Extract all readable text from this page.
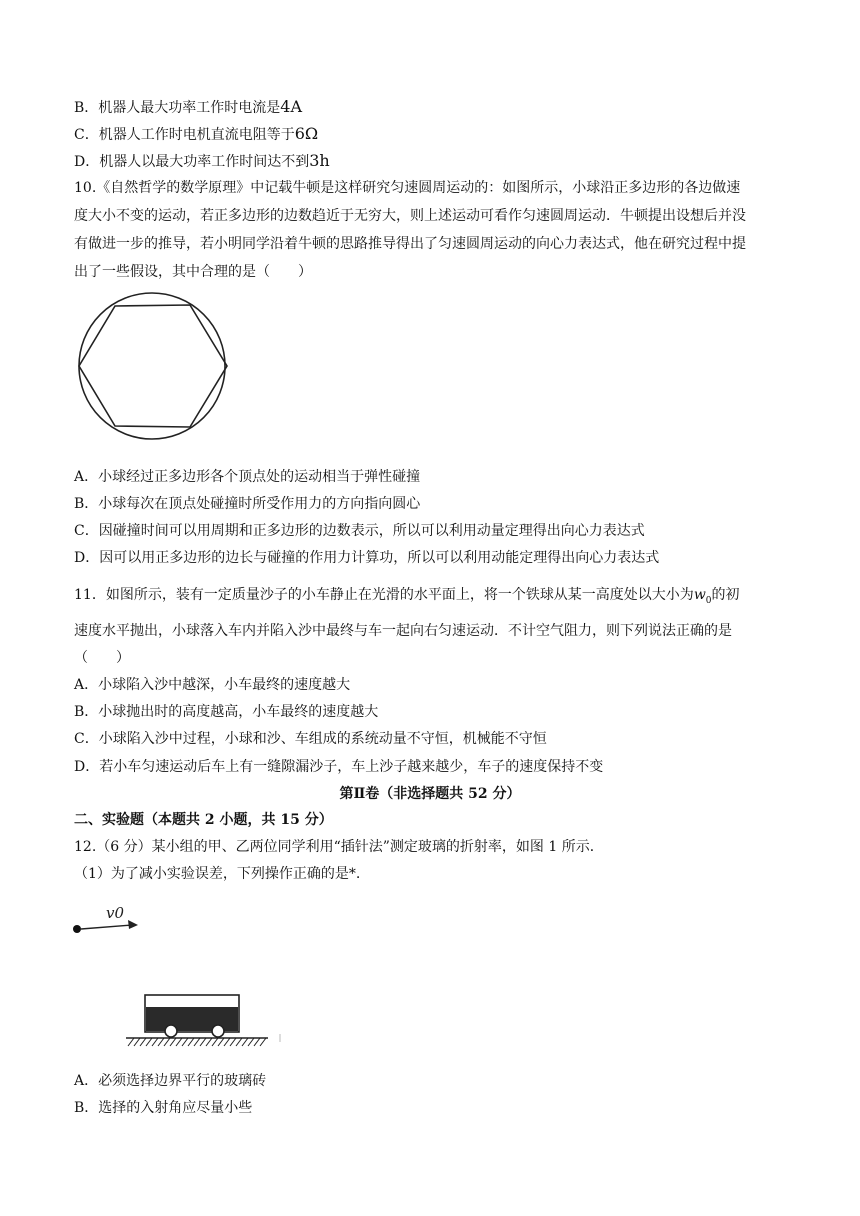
B．机器人最大功率工作时电流是4A
C．机器人工作时电机直流电阻等于6Ω
D．机器人以最大功率工作时间达不到3h
10.《自然哲学的数学原理》中记载牛顿是这样研究匀速圆周运动的：如图所示，小球沿正多边形的各边做速
度大小不变的运动，若正多边形的边数趋近于无穷大，则上述运动可看作匀速圆周运动．牛顿提出设想后并没
有做进一步的推导，若小明同学沿着牛顿的思路推导得出了匀速圆周运动的向心力表达式，他在研究过程中提
出了一些假设，其中合理的是（　　）
A．小球经过正多边形各个顶点处的运动相当于弹性碰撞
B．小球每次在顶点处碰撞时所受作用力的方向指向圆心
C．因碰撞时间可以用周期和正多边形的边数表示，所以可以利用动量定理得出向心力表达式
D．因可以用正多边形的边长与碰撞的作用力计算功，所以可以利用动能定理得出向心力表达式
11．如图所示，装有一定质量沙子的小车静止在光滑的水平面上，将一个铁球从某一高度处以大小为$w_0$的初
速度水平抛出，小球落入车内并陷入沙中最终与车一起向右匀速运动．不计空气阻力，则下列说法正确的是
（　　）
A．小球陷入沙中越深，小车最终的速度越大
B．小球抛出时的高度越高，小车最终的速度越大
C．小球陷入沙中过程，小球和沙、车组成的系统动量不守恒，机械能不守恒
D．若小车匀速运动后车上有一缝隙漏沙子，车上沙子越来越少，车子的速度保持不变
第Ⅱ卷（非选择题共 52 分）
二、实验题（本题共 2 小题，共 15 分）
12.（6 分）某小组的甲、乙两位同学利用“插针法”测定玻璃的折射率，如图 1 所示．
（1）为了减小实验误差，下列操作正确的是*.
v0
A．必须选择边界平行的玻璃砖
B．选择的入射角应尽量小些
